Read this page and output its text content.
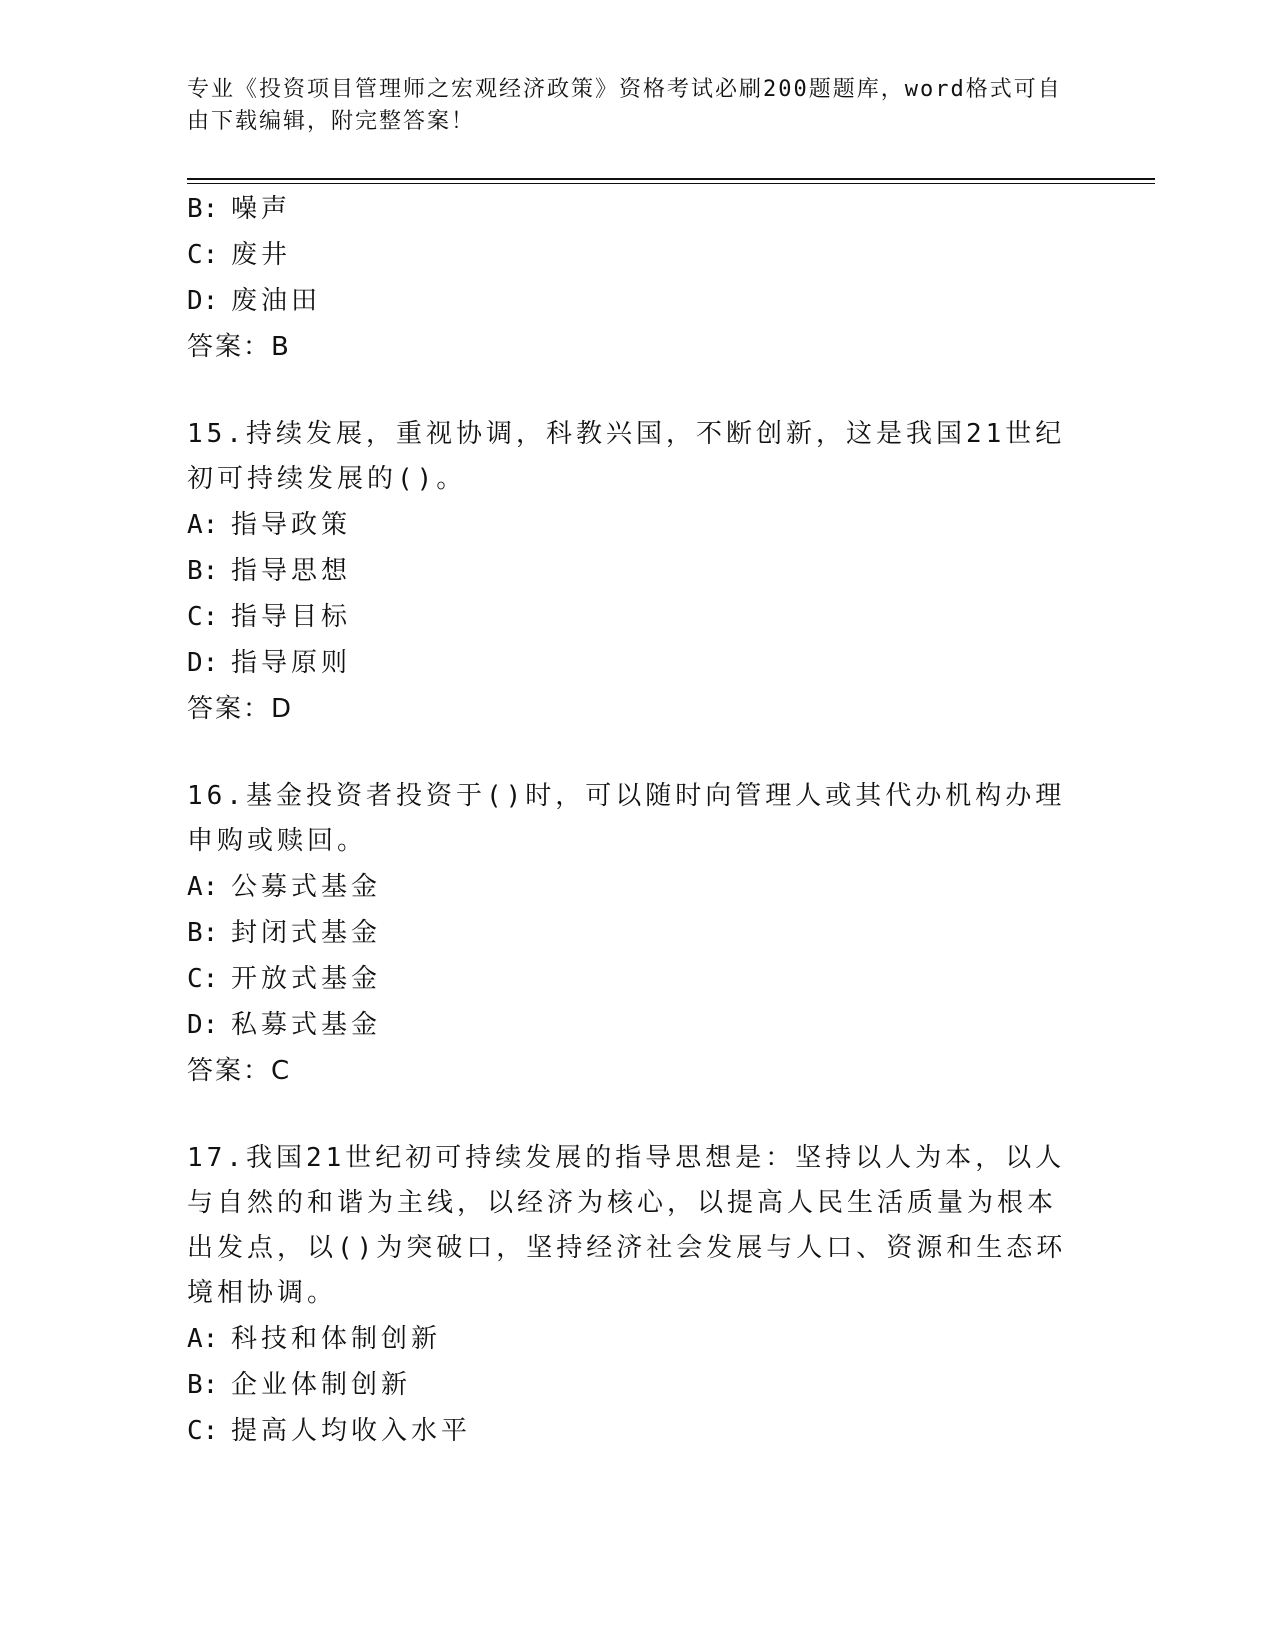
专业《投资项目管理师之宏观经济政策》资格考试必刷200题题库，word格式可自由下载编辑，附完整答案！
B: 噪声
C: 废井
D: 废油田
答案：B
15.持续发展，重视协调，科教兴国，不断创新，这是我国21世纪初可持续发展的()。
A: 指导政策
B: 指导思想
C: 指导目标
D: 指导原则
答案：D
16.基金投资者投资于()时，可以随时向管理人或其代办机构办理申购或赎回。
A: 公募式基金
B: 封闭式基金
C: 开放式基金
D: 私募式基金
答案：C
17.我国21世纪初可持续发展的指导思想是：坚持以人为本，以人与自然的和谐为主线，以经济为核心，以提高人民生活质量为根本出发点，以()为突破口，坚持经济社会发展与人口、资源和生态环境相协调。
A: 科技和体制创新
B: 企业体制创新
C: 提高人均收入水平
